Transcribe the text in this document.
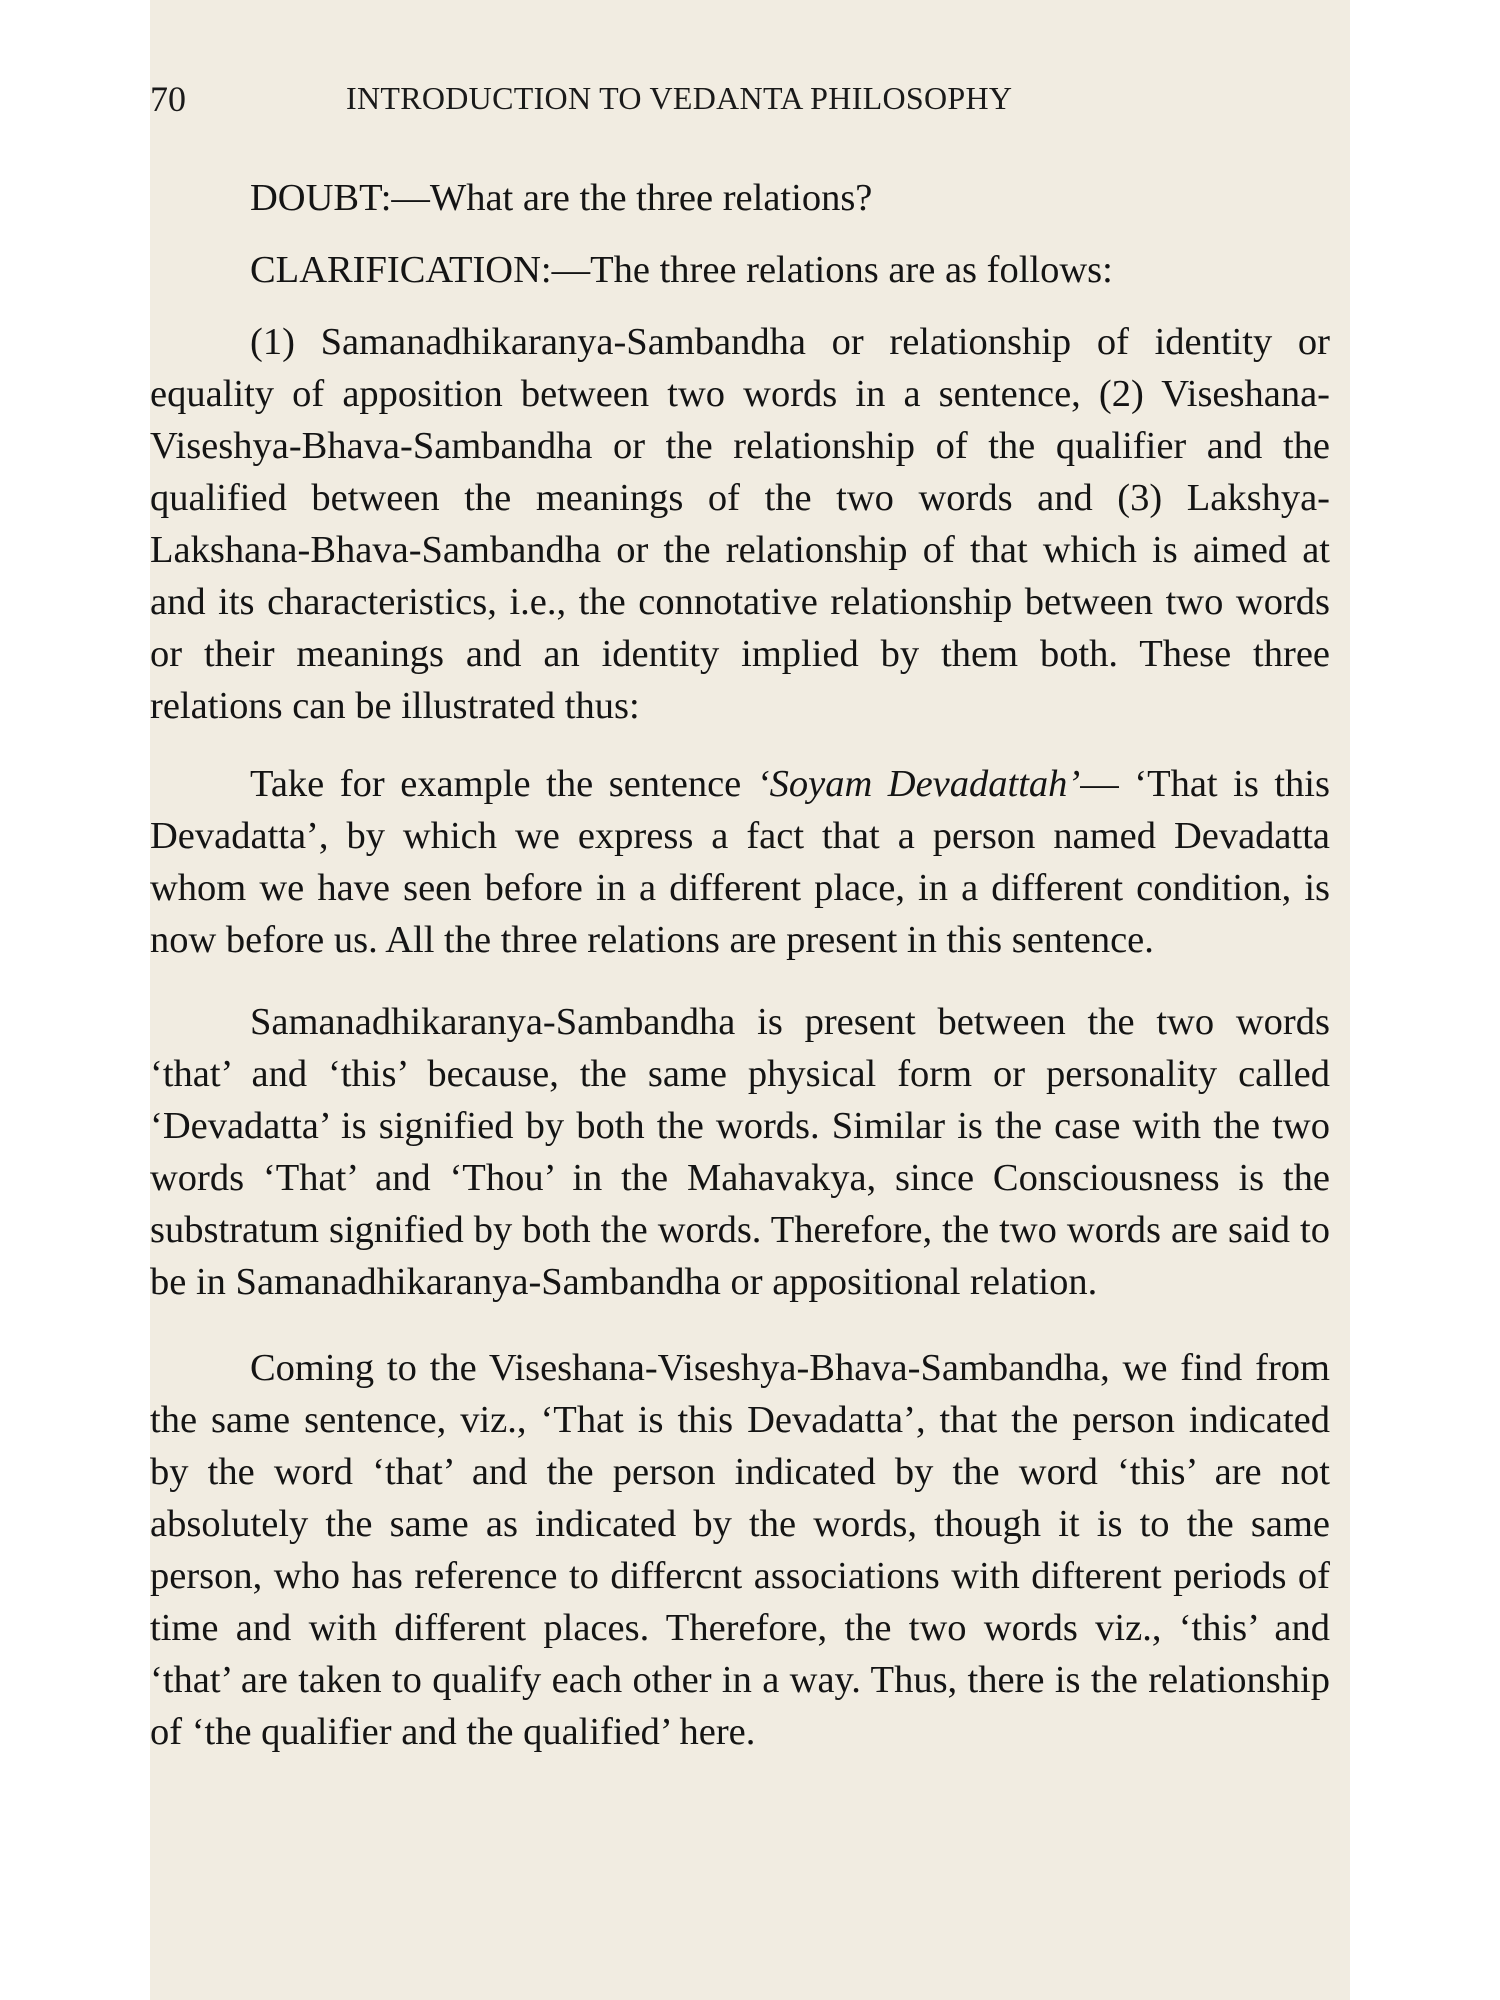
70	INTRODUCTION TO VEDANTA PHILOSOPHY

DOUBT:—What are the three relations?

CLARIFICATION:—The three relations are as follows:

(1) Samanadhikaranya-Sambandha or relationship of identity or equality of apposition between two words in a sentence, (2) Viseshana-Viseshya-Bhava-Sambandha or the relationship of the qualifier and the qualified between the meanings of the two words and (3) Lakshya-Lakshana-Bhava-Sambandha or the relationship of that which is aimed at and its characteristics, i.e., the connotative relationship between two words or their meanings and an identity implied by them both. These three relations can be illustrated thus:

Take for example the sentence ‘Soyam Devadattah’— ‘That is this Devadatta’, by which we express a fact that a person named Devadatta whom we have seen before in a different place, in a different condition, is now before us. All the three relations are present in this sentence.

Samanadhikaranya-Sambandha is present between the two words ‘that’ and ‘this’ because, the same physical form or personality called ‘Devadatta’ is signified by both the words. Similar is the case with the two words ‘That’ and ‘Thou’ in the Mahavakya, since Consciousness is the substratum signified by both the words. Therefore, the two words are said to be in Samanadhikaranya-Sambandha or appositional relation.

Coming to the Viseshana-Viseshya-Bhava-Sambandha, we find from the same sentence, viz., ‘That is this Devadatta’, that the person indicated by the word ‘that’ and the person indicated by the word ‘this’ are not absolutely the same as indicated by the words, though it is to the same person, who has reference to differcnt associations with difterent periods of time and with different places. Therefore, the two words viz., ‘this’ and ‘that’ are taken to qualify each other in a way. Thus, there is the relationship of ‘the qualifier and the qualified’ here.
